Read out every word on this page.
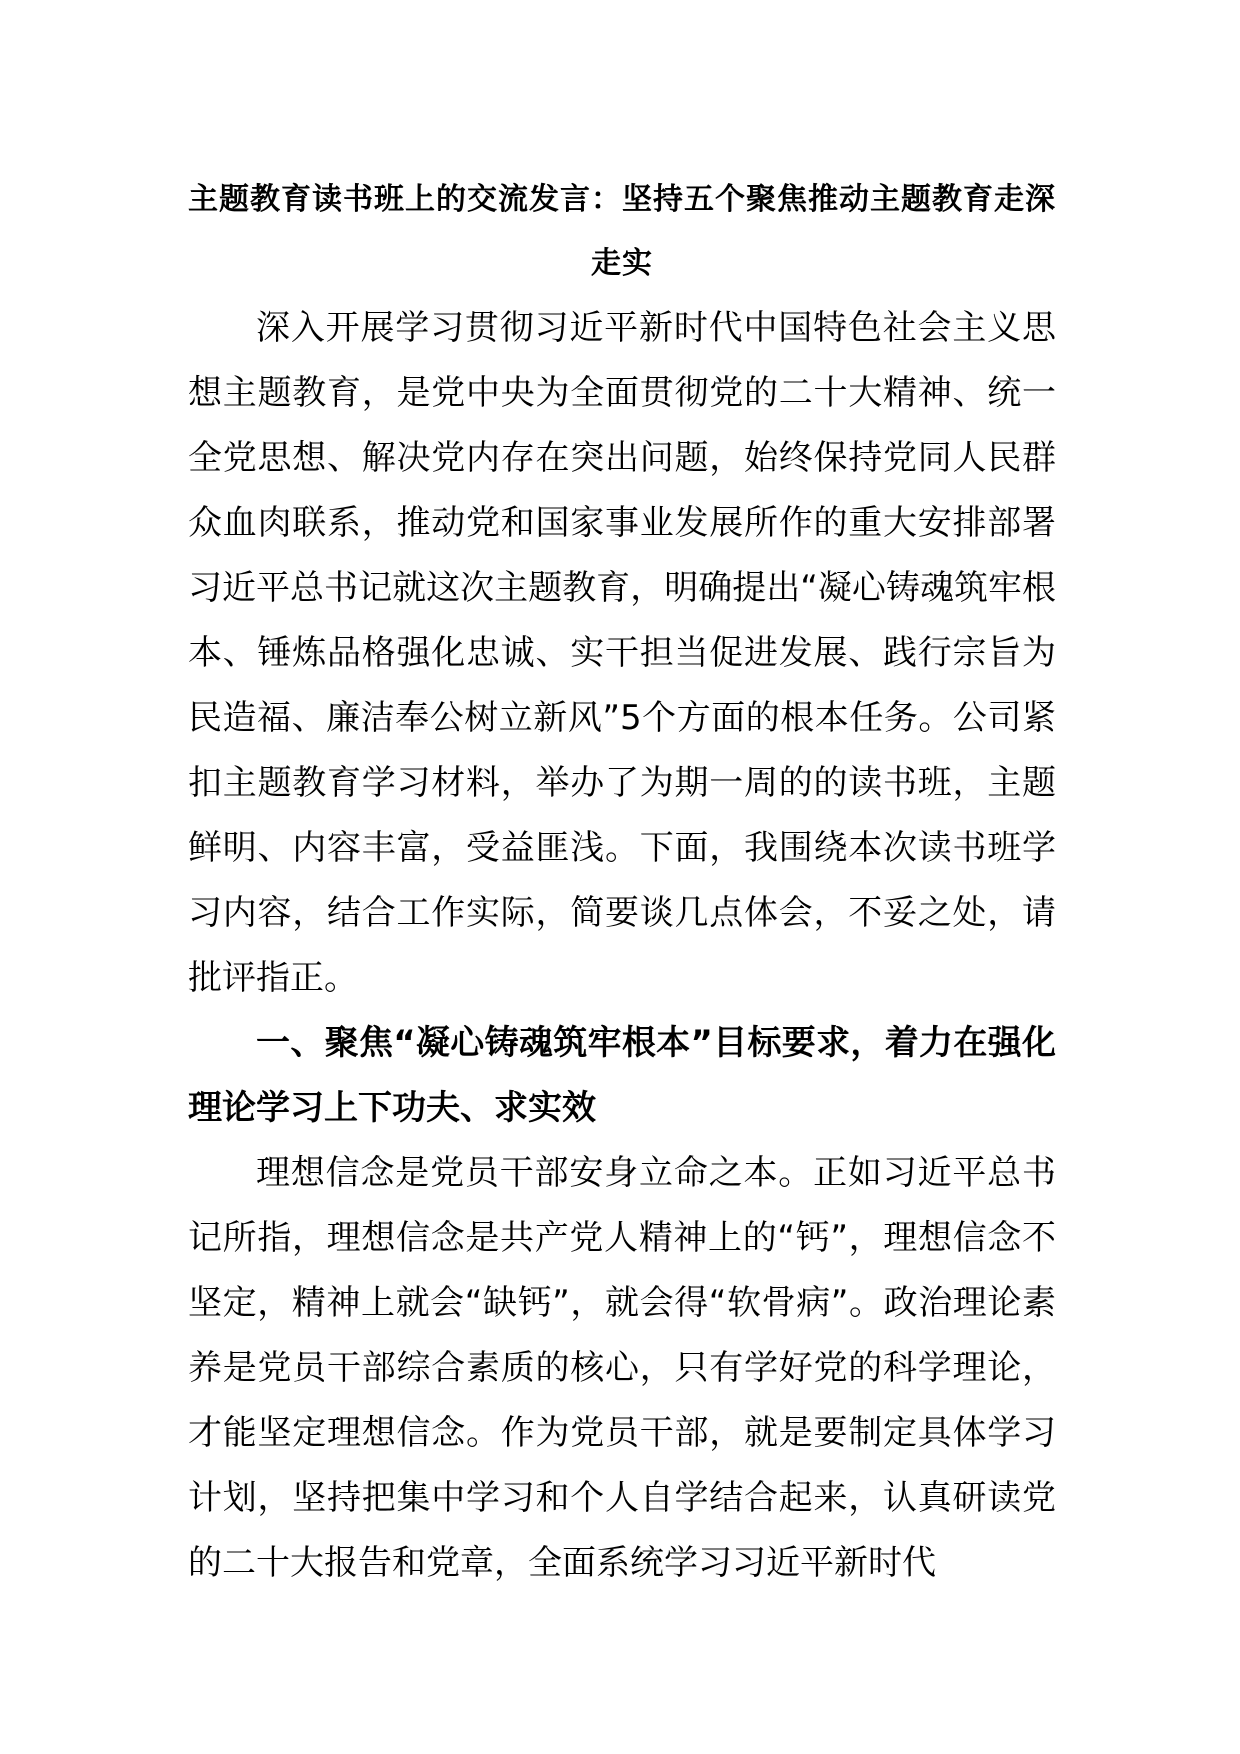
主题教育读书班上的交流发言：坚持五个聚焦推动主题教育走深走实

深入开展学习贯彻习近平新时代中国特色社会主义思想主题教育，是党中央为全面贯彻党的二十大精神、统一全党思想、解决党内存在突出问题，始终保持党同人民群众血肉联系，推动党和国家事业发展所作的重大安排部署习近平总书记就这次主题教育，明确提出“凝心铸魂筑牢根本、锤炼品格强化忠诚、实干担当促进发展、践行宗旨为民造福、廉洁奉公树立新风”5个方面的根本任务。公司紧扣主题教育学习材料，举办了为期一周的的读书班，主题鲜明、内容丰富，受益匪浅。下面，我围绕本次读书班学习内容，结合工作实际，简要谈几点体会，不妥之处，请批评指正。

一、聚焦“凝心铸魂筑牢根本”目标要求，着力在强化理论学习上下功夫、求实效

理想信念是党员干部安身立命之本。正如习近平总书记所指，理想信念是共产党人精神上的“钙”，理想信念不坚定，精神上就会“缺钙”，就会得“软骨病”。政治理论素养是党员干部综合素质的核心，只有学好党的科学理论，才能坚定理想信念。作为党员干部，就是要制定具体学习计划，坚持把集中学习和个人自学结合起来，认真研读党的二十大报告和党章，全面系统学习习近平新时代
